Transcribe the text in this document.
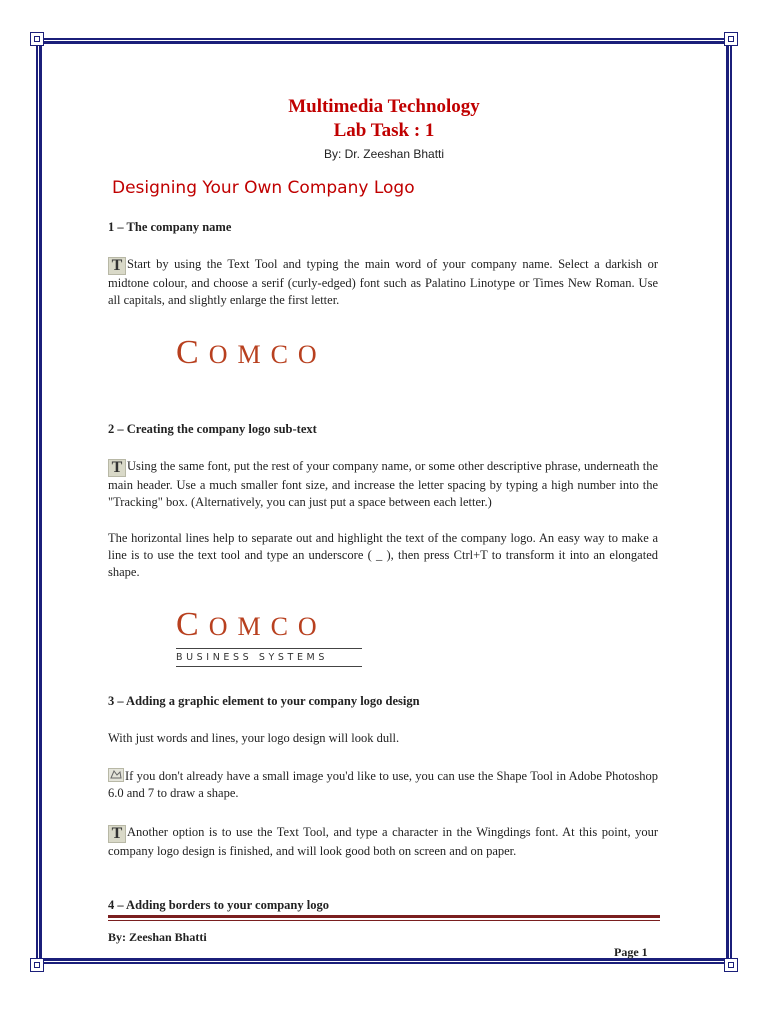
Multimedia Technology
Lab Task : 1
By: Dr. Zeeshan Bhatti
Designing Your Own Company Logo
1 – The company name
T Start by using the Text Tool and typing the main word of your company name. Select a darkish or midtone colour, and choose a serif (curly-edged) font such as Palatino Linotype or Times New Roman. Use all capitals, and slightly enlarge the first letter.
COMCO
2 – Creating the company logo sub-text
T Using the same font, put the rest of your company name, or some other descriptive phrase, underneath the main header. Use a much smaller font size, and increase the letter spacing by typing a high number into the "Tracking" box. (Alternatively, you can just put a space between each letter.)
The horizontal lines help to separate out and highlight the text of the company logo. An easy way to make a line is to use the text tool and type an underscore ( _ ), then press Ctrl+T to transform it into an elongated shape.
COMCO
BUSINESS SYSTEMS
3 – Adding a graphic element to your company logo design
With just words and lines, your logo design will look dull.
If you don't already have a small image you'd like to use, you can use the Shape Tool in Adobe Photoshop 6.0 and 7 to draw a shape.
T Another option is to use the Text Tool, and type a character in the Wingdings font. At this point, your company logo design is finished, and will look good both on screen and on paper.
4 – Adding borders to your company logo
By: Zeeshan Bhatti
Page 1
